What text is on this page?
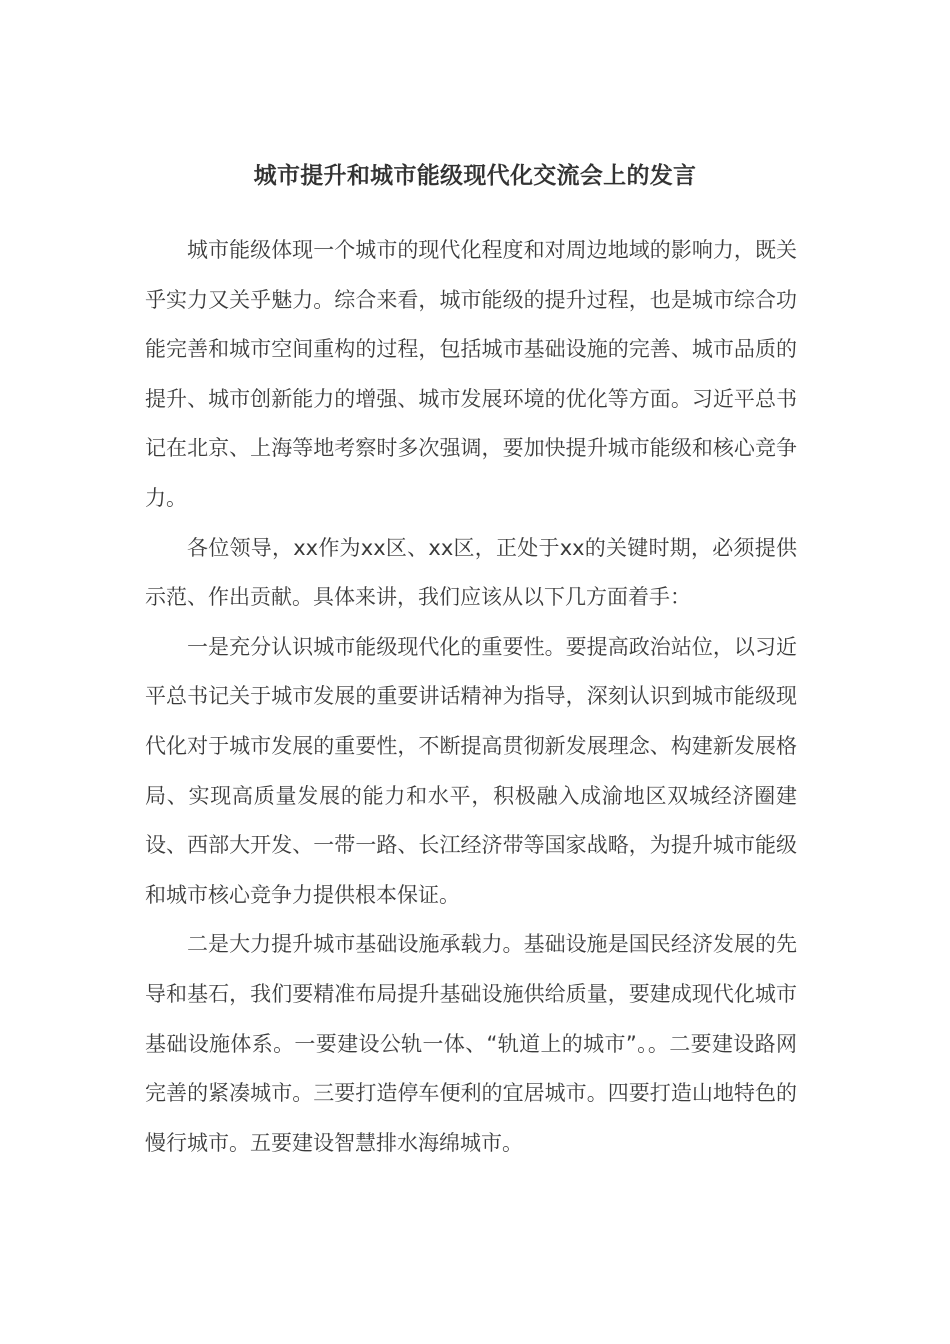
城市提升和城市能级现代化交流会上的发言

城市能级体现一个城市的现代化程度和对周边地域的影响力，既关乎实力又关乎魅力。综合来看，城市能级的提升过程，也是城市综合功能完善和城市空间重构的过程，包括城市基础设施的完善、城市品质的提升、城市创新能力的增强、城市发展环境的优化等方面。习近平总书记在北京、上海等地考察时多次强调，要加快提升城市能级和核心竞争力。

各位领导，xx作为xx区、xx区，正处于xx的关键时期，必须提供示范、作出贡献。具体来讲，我们应该从以下几方面着手：

一是充分认识城市能级现代化的重要性。要提高政治站位，以习近平总书记关于城市发展的重要讲话精神为指导，深刻认识到城市能级现代化对于城市发展的重要性，不断提高贯彻新发展理念、构建新发展格局、实现高质量发展的能力和水平，积极融入成渝地区双城经济圈建设、西部大开发、一带一路、长江经济带等国家战略，为提升城市能级和城市核心竞争力提供根本保证。

二是大力提升城市基础设施承载力。基础设施是国民经济发展的先导和基石，我们要精准布局提升基础设施供给质量，要建成现代化城市基础设施体系。一要建设公轨一体、“轨道上的城市”。。二要建设路网完善的紧凑城市。三要打造停车便利的宜居城市。四要打造山地特色的慢行城市。五要建设智慧排水海绵城市。
